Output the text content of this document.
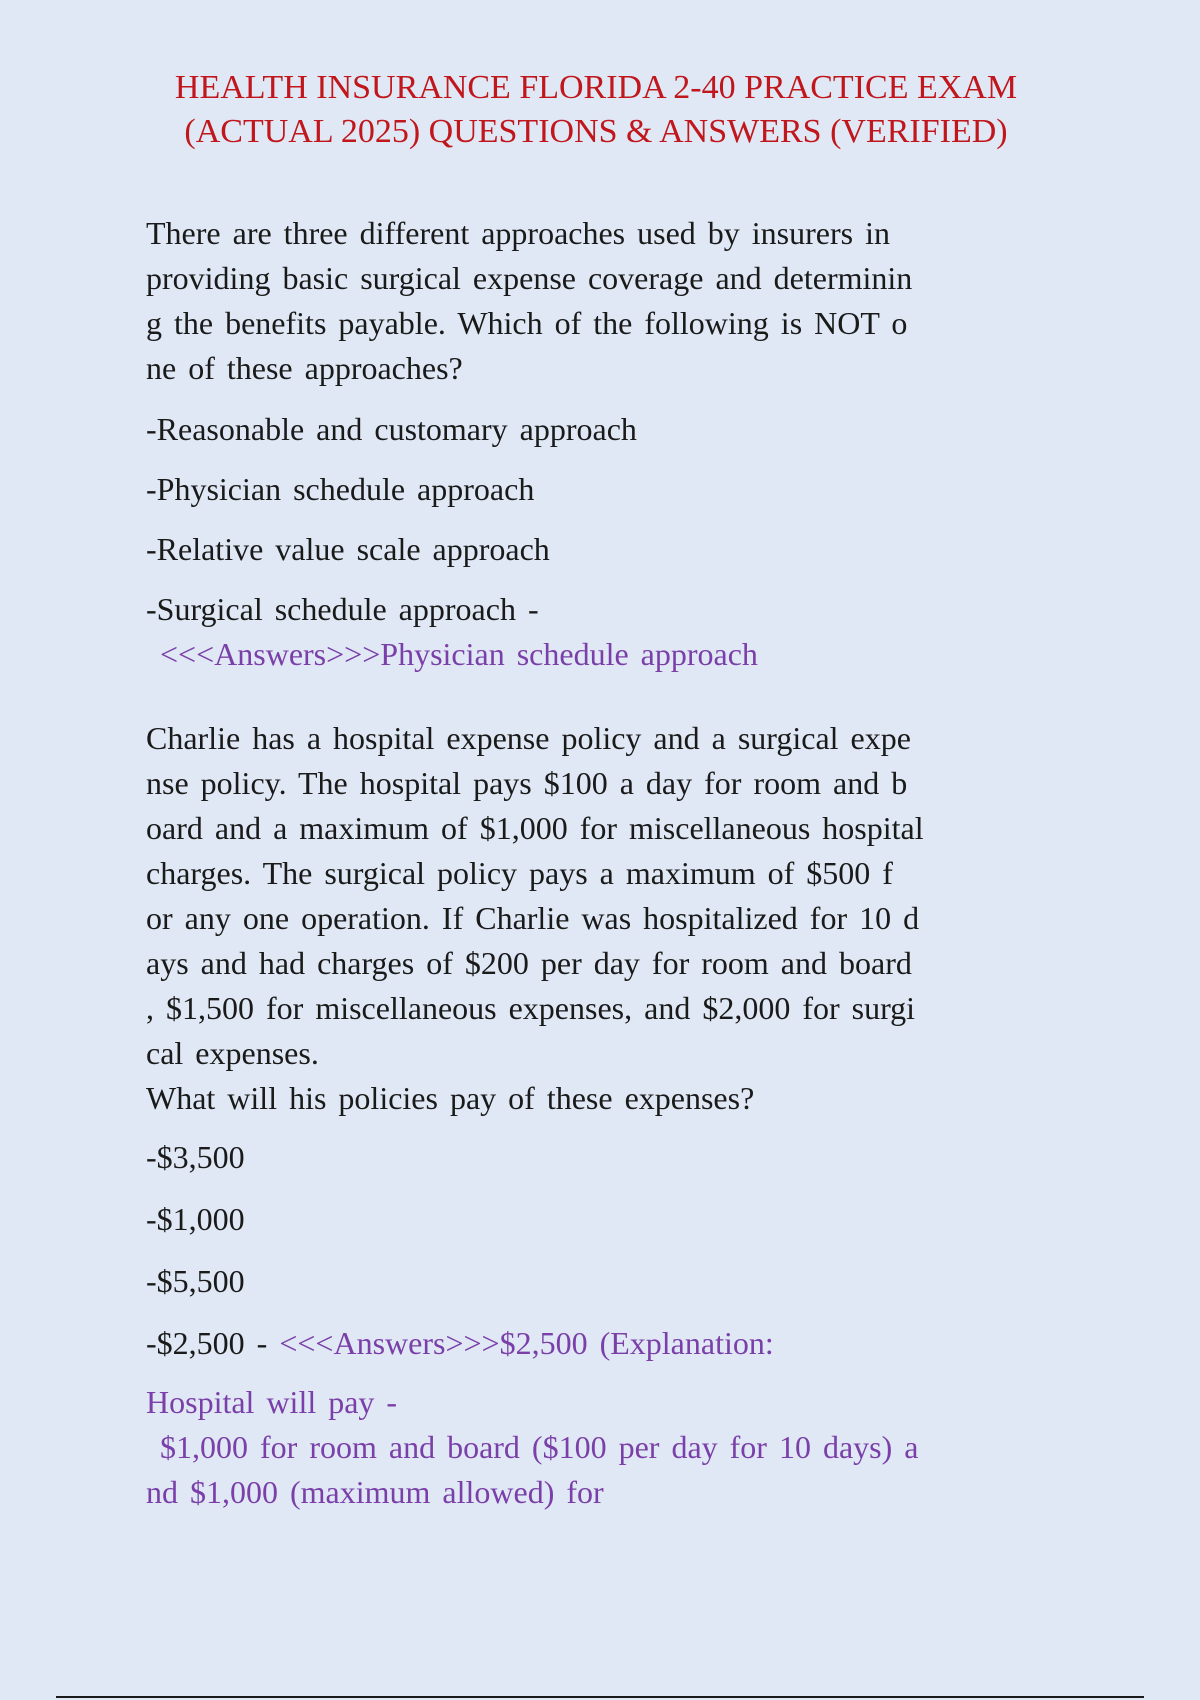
HEALTH INSURANCE FLORIDA 2-40 PRACTICE EXAM
(ACTUAL 2025) QUESTIONS & ANSWERS (VERIFIED)

There are three different approaches used by insurers in
providing basic surgical expense coverage and determinin
g the benefits payable. Which of the following is NOT o
ne of these approaches?

-Reasonable and customary approach

-Physician schedule approach

-Relative value scale approach

-Surgical schedule approach -

<<<Answers>>>Physician schedule approach

Charlie has a hospital expense policy and a surgical expe
nse policy. The hospital pays $100 a day for room and b
oard and a maximum of $1,000 for miscellaneous hospital
charges. The surgical policy pays a maximum of $500 f
or any one operation. If Charlie was hospitalized for 10 d
ays and had charges of $200 per day for room and board
, $1,500 for miscellaneous expenses, and $2,000 for surgi
cal expenses.
What will his policies pay of these expenses?

-$3,500

-$1,000

-$5,500

-$2,500 - <<<Answers>>>$2,500 (Explanation:

Hospital will pay -
$1,000 for room and board ($100 per day for 10 days) a
nd $1,000 (maximum allowed) for
